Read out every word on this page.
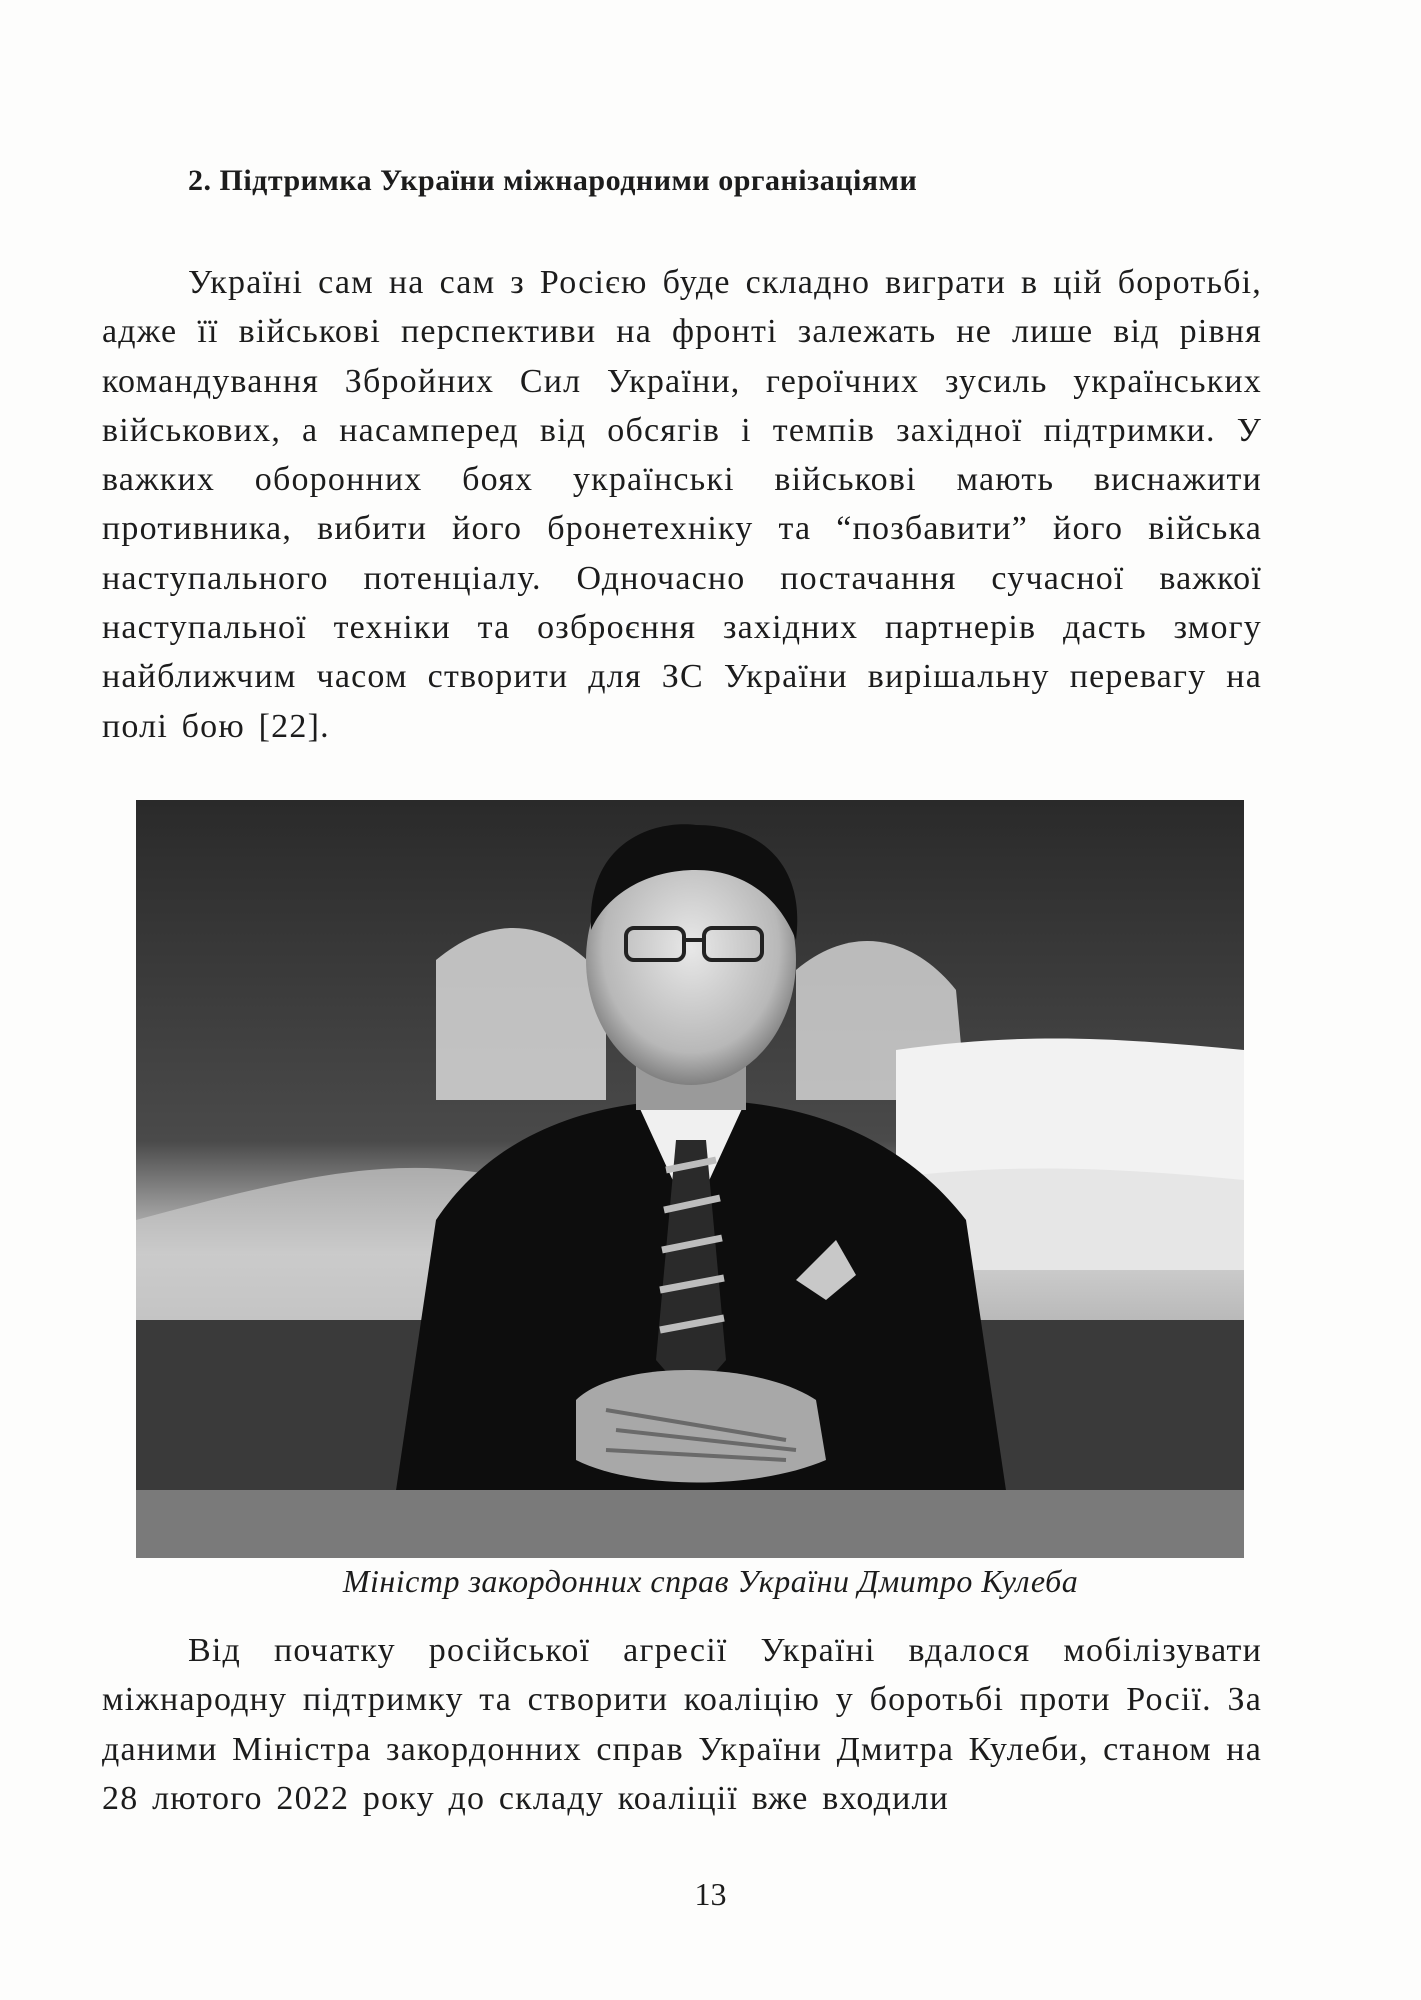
2. Підтримка України міжнародними організаціями

Україні сам на сам з Росією буде складно виграти в цій боротьбі, адже її військові перспективи на фронті залежать не лише від рівня командування Збройних Сил України, героїчних зусиль українських військових, а насамперед від обсягів і темпів західної підтримки. У важких оборонних боях українські військові мають виснажити противника, вибити його бронетехніку та “позбавити” його війська наступального потенціалу. Одночасно постачання сучасної важкої наступальної техніки та озброєння західних партнерів дасть змогу найближчим часом створити для ЗС України вирішальну перевагу на полі бою [22].

Міністр закордонних справ України Дмитро Кулеба

Від початку російської агресії Україні вдалося мобілізувати міжнародну підтримку та створити коаліцію у боротьбі проти Росії. За даними Міністра закордонних справ України Дмитра Кулеби, станом на 28 лютого 2022 року до складу коаліції вже входили

13
